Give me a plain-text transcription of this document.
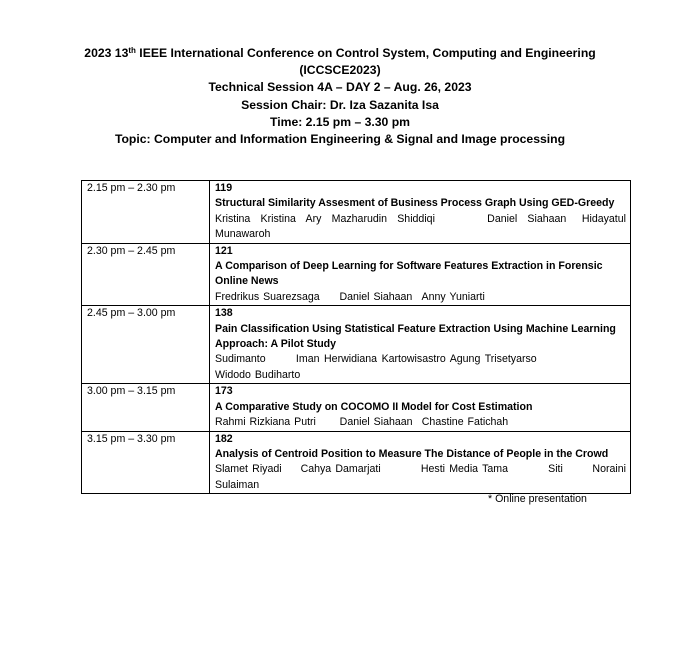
2023 13th IEEE International Conference on Control System, Computing and Engineering
(ICCSCE2023)
Technical Session 4A – DAY 2 – Aug. 26, 2023
Session Chair: Dr. Iza Sazanita Isa
Time: 2.15 pm – 3.30 pm
Topic: Computer and Information Engineering & Signal and Image processing
2.15 pm – 2.30 pm	119

Structural Similarity Assesment of Business Process Graph Using GED-Greedy
Kristina Kristina Ary Mazharudin Shiddiqi     Daniel Siahaan  Hidayatul Munawaroh

2.30 pm – 2.45 pm	121

A Comparison of Deep Learning for Software Features Extraction in Forensic Online News
Fredrikus Suarezsaga   Daniel Siahaan  Anny Yuniarti

2.45 pm – 3.00 pm	138

Pain Classification Using Statistical Feature Extraction Using Machine Learning Approach: A Pilot Study
Sudimanto    Iman Herwidiana Kartowisastro Agung Trisetyarso          Widodo Budiharto

3.00 pm – 3.15 pm	173

A Comparative Study on COCOMO II Model for Cost Estimation
Rahmi Rizkiana Putri    Daniel Siahaan  Chastine Fatichah

3.15 pm – 3.30 pm	182

Analysis of Centroid Position to Measure The Distance of People in the Crowd
Slamet Riyadi   Cahya Damarjati     Hesti Media Tama     Siti    Noraini Sulaiman
* Online presentation
